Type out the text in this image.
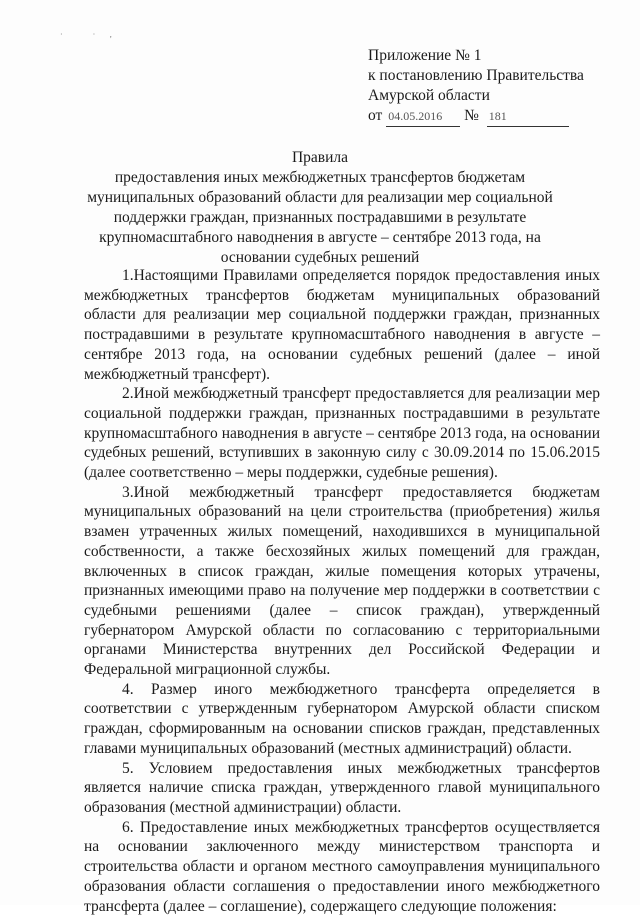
· ·‚
Приложение № 1
к постановлению Правительства
Амурской области
от 04.05.2016 № 181
Правила
предоставления иных межбюджетных трансфертов бюджетам муниципальных образований области для реализации мер социальной поддержки граждан, признанных пострадавшими в результате крупномасштабного наводнения в августе – сентябре 2013 года, на основании судебных решений

1.Настоящими Правилами определяется порядок предоставления иных межбюджетных трансфертов бюджетам муниципальных образований области для реализации мер социальной поддержки граждан, признанных пострадавшими в результате крупномасштабного наводнения в августе – сентябре 2013 года, на основании судебных решений (далее – иной межбюджетный трансферт).

2.Иной межбюджетный трансферт предоставляется для реализации мер социальной поддержки граждан, признанных пострадавшими в результате крупномасштабного наводнения в августе – сентябре 2013 года, на основании судебных решений, вступивших в законную силу с 30.09.2014 по 15.06.2015 (далее соответственно – меры поддержки, судебные решения).

3.Иной межбюджетный трансферт предоставляется бюджетам муниципальных образований на цели строительства (приобретения) жилья взамен утраченных жилых помещений, находившихся в муниципальной собственности, а также бесхозяйных жилых помещений для граждан, включенных в список граждан, жилые помещения которых утрачены, признанных имеющими право на получение мер поддержки в соответствии с судебными решениями (далее – список граждан), утвержденный губернатором Амурской области по согласованию с территориальными органами Министерства внутренних дел Российской Федерации и Федеральной миграционной службы.

4. Размер иного межбюджетного трансферта определяется в соответствии с утвержденным губернатором Амурской области списком граждан, сформированным на основании списков граждан, представленных главами муниципальных образований (местных администраций) области.

5. Условием предоставления иных межбюджетных трансфертов является наличие списка граждан, утвержденного главой муниципального образования (местной администрации) области.

6. Предоставление иных межбюджетных трансфертов осуществляется на основании заключенного между министерством транспорта и строительства области и органом местного самоуправления муниципального образования области соглашения о предоставлении иного межбюджетного трансферта (далее – соглашение), содержащего следующие положения:
